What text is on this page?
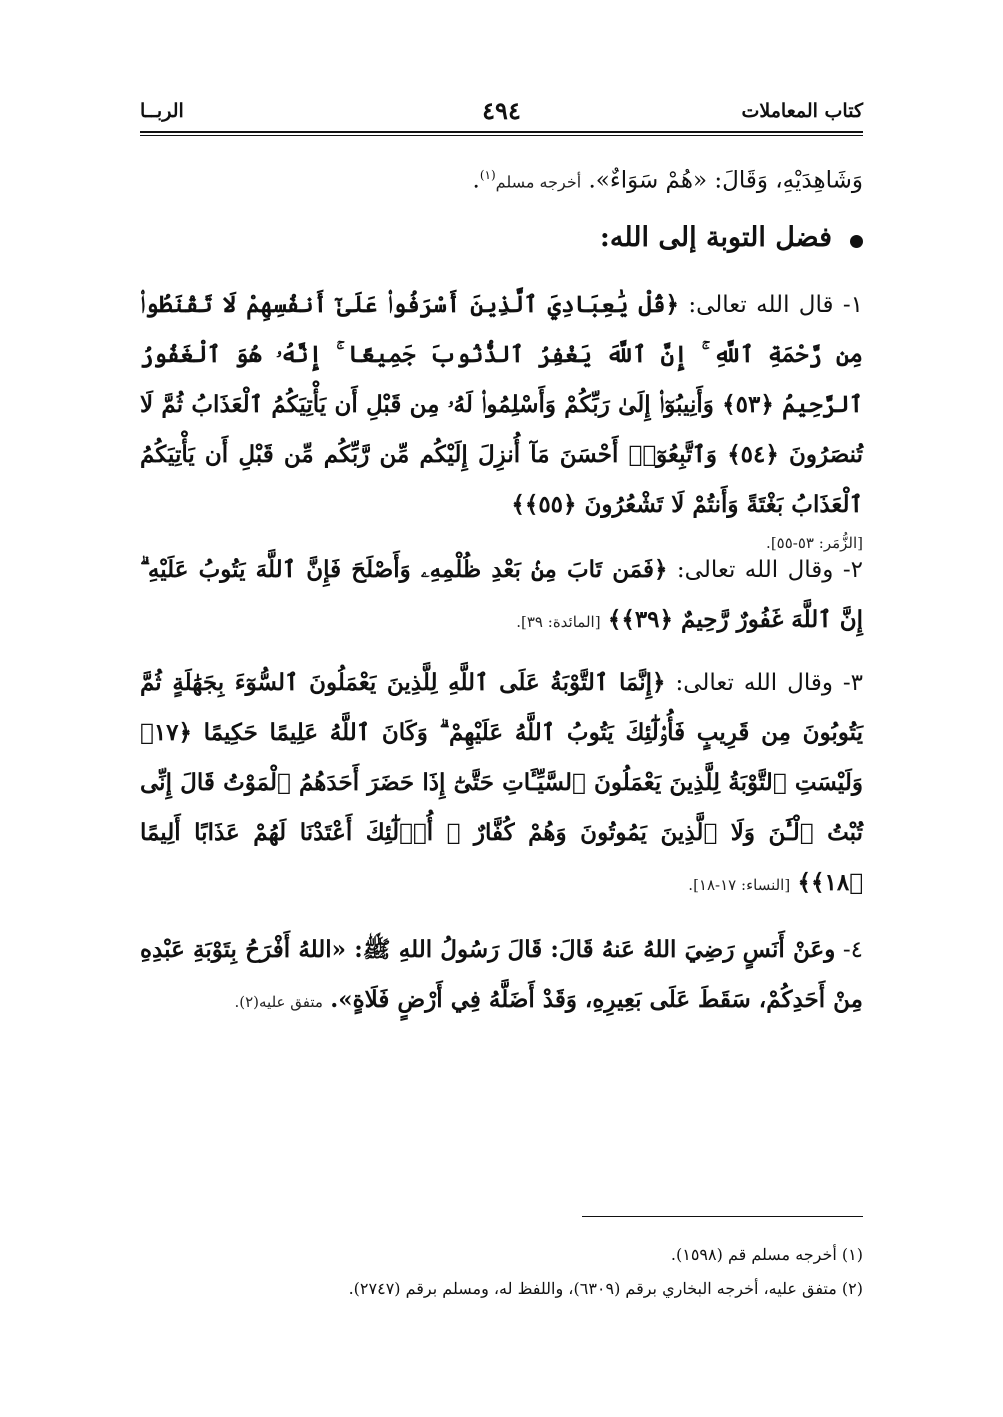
كتاب المعاملات
٤٩٤
الربــا
وَشَاهِدَيْهِ، وَقَالَ: «هُمْ سَوَاءٌ». أخرجه مسلم$^{(١)}$.
فضل التوبة إلى الله:
١- قال الله تعالى: ﴿قُلْ يَٰعِبَادِيَ ٱلَّذِينَ أَسْرَفُوا۟ عَلَىٰٓ أَنفُسِهِمْ لَا تَقْنَطُوا۟ مِن رَّحْمَةِ ٱللَّهِ ۚ إِنَّ ٱللَّهَ يَغْفِرُ ٱلذُّنُوبَ جَمِيعًا ۚ إِنَّهُۥ هُوَ ٱلْغَفُورُ ٱلرَّحِيمُ ﴿٥٣﴾ وَأَنِيبُوٓا۟ إِلَىٰ رَبِّكُمْ وَأَسْلِمُوا۟ لَهُۥ مِن قَبْلِ أَن يَأْتِيَكُمُ ٱلْعَذَابُ ثُمَّ لَا تُنصَرُونَ ﴿٥٤﴾ وَٱتَّبِعُوٓا۟ أَحْسَنَ مَآ أُنزِلَ إِلَيْكُم مِّن رَّبِّكُم مِّن قَبْلِ أَن يَأْتِيَكُمُ ٱلْعَذَابُ بَغْتَةً وَأَنتُمْ لَا تَشْعُرُونَ ﴿٥٥﴾﴾
[الزُّمَر: ٥٣-٥٥].
٢- وقال الله تعالى: ﴿فَمَن تَابَ مِنۢ بَعْدِ ظُلْمِهِۦ وَأَصْلَحَ فَإِنَّ ٱللَّهَ يَتُوبُ عَلَيْهِ ۗ إِنَّ ٱللَّهَ غَفُورٌ رَّحِيمٌ ﴿٣٩﴾﴾ [المائدة: ٣٩].
٣- وقال الله تعالى: ﴿إِنَّمَا ٱلتَّوْبَةُ عَلَى ٱللَّهِ لِلَّذِينَ يَعْمَلُونَ ٱلسُّوٓءَ بِجَهَٰلَةٍ ثُمَّ يَتُوبُونَ مِن قَرِيبٍ فَأُو۟لَٰٓئِكَ يَتُوبُ ٱللَّهُ عَلَيْهِمْ ۗ وَكَانَ ٱللَّهُ عَلِيمًا حَكِيمًا ﴿١٧﴾ وَلَيْسَتِ ٱلتَّوْبَةُ لِلَّذِينَ يَعْمَلُونَ ٱلسَّيِّـَٔاتِ حَتَّىٰٓ إِذَا حَضَرَ أَحَدَهُمُ ٱلْمَوْتُ قَالَ إِنِّى تُبْتُ ٱلْـَٰٔنَ وَلَا ٱلَّذِينَ يَمُوتُونَ وَهُمْ كُفَّارٌ ۚ أُو۟لَٰٓئِكَ أَعْتَدْنَا لَهُمْ عَذَابًا أَلِيمًا ﴿١٨﴾﴾ [النساء: ١٧-١٨].
٤- وعَنْ أَنَسٍ رَضِيَ اللهُ عَنهُ قَالَ: قَالَ رَسُولُ اللهِ ﷺ: «اللهُ أَفْرَحُ بِتَوْبَةِ عَبْدِهِ مِنْ أَحَدِكُمْ، سَقَطَ عَلَى بَعِيرِهِ، وَقَدْ أَضَلَّهُ فِي أَرْضٍ فَلَاةٍ». متفق عليه(٢).
(١) أخرجه مسلم قم (١٥٩٨).
(٢) متفق عليه، أخرجه البخاري برقم (٦٣٠٩)، واللفظ له، ومسلم برقم (٢٧٤٧).
